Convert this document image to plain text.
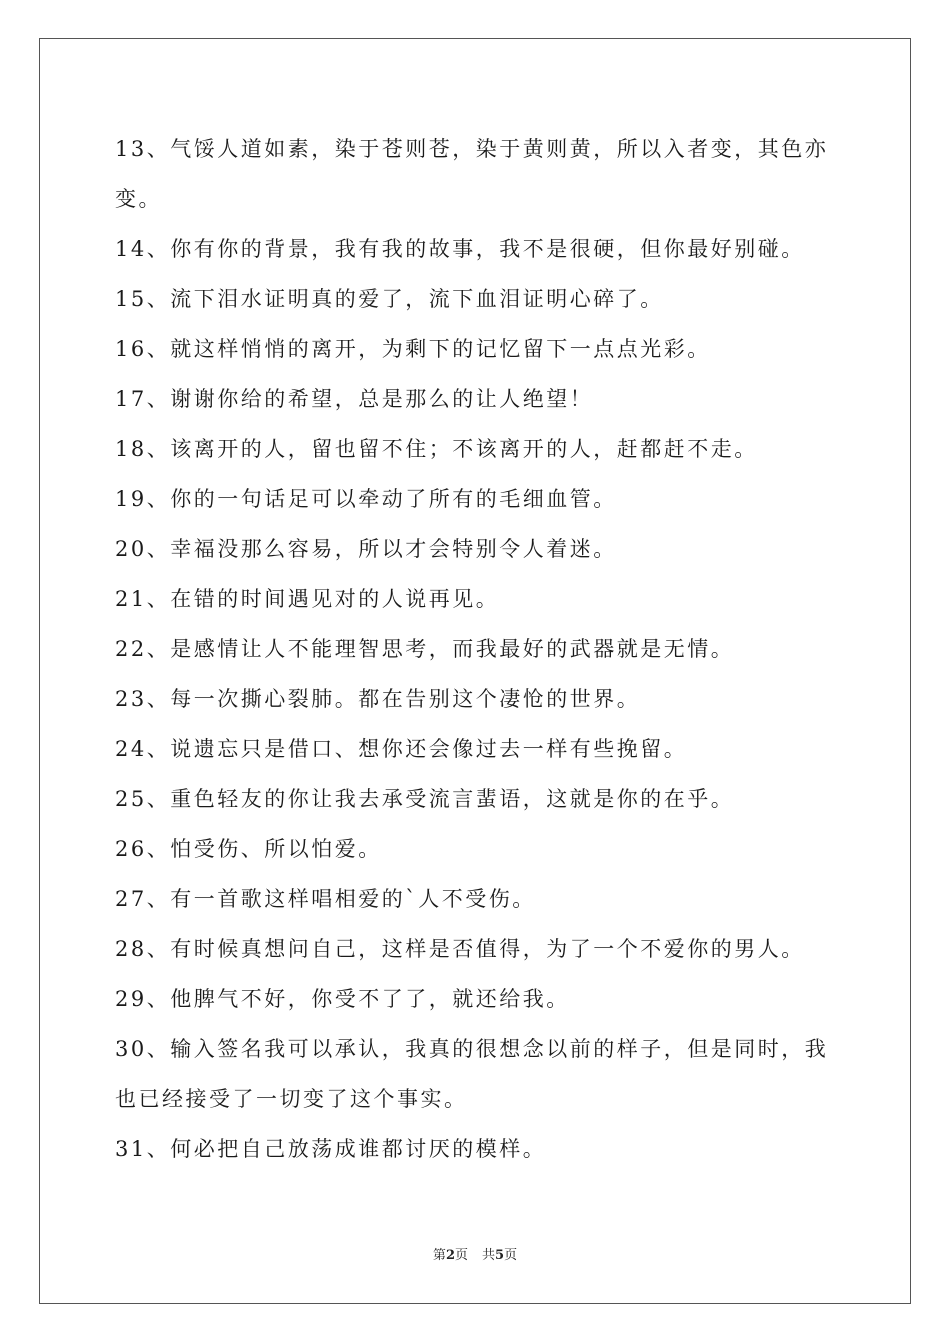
13、气馁人道如素，染于苍则苍，染于黄则黄，所以入者变，其色亦
变。
14、你有你的背景，我有我的故事，我不是很硬，但你最好别碰。
15、流下泪水证明真的爱了，流下血泪证明心碎了。
16、就这样悄悄的离开，为剩下的记忆留下一点点光彩。
17、谢谢你给的希望，总是那么的让人绝望！
18、该离开的人，留也留不住；不该离开的人，赶都赶不走。
19、你的一句话足可以牵动了所有的毛细血管。
20、幸福没那么容易，所以才会特别令人着迷。
21、在错的时间遇见对的人说再见。
22、是感情让人不能理智思考，而我最好的武器就是无情。
23、每一次撕心裂肺。都在告别这个凄怆的世界。
24、说遗忘只是借口、想你还会像过去一样有些挽留。
25、重色轻友的你让我去承受流言蜚语，这就是你的在乎。
26、怕受伤、所以怕爱。
27、有一首歌这样唱相爱的`人不受伤。
28、有时候真想问自己，这样是否值得，为了一个不爱你的男人。
29、他脾气不好，你受不了了，就还给我。
30、输入签名我可以承认，我真的很想念以前的样子，但是同时，我
也已经接受了一切变了这个事实。
31、何必把自己放荡成谁都讨厌的模样。
第2页 共5页
